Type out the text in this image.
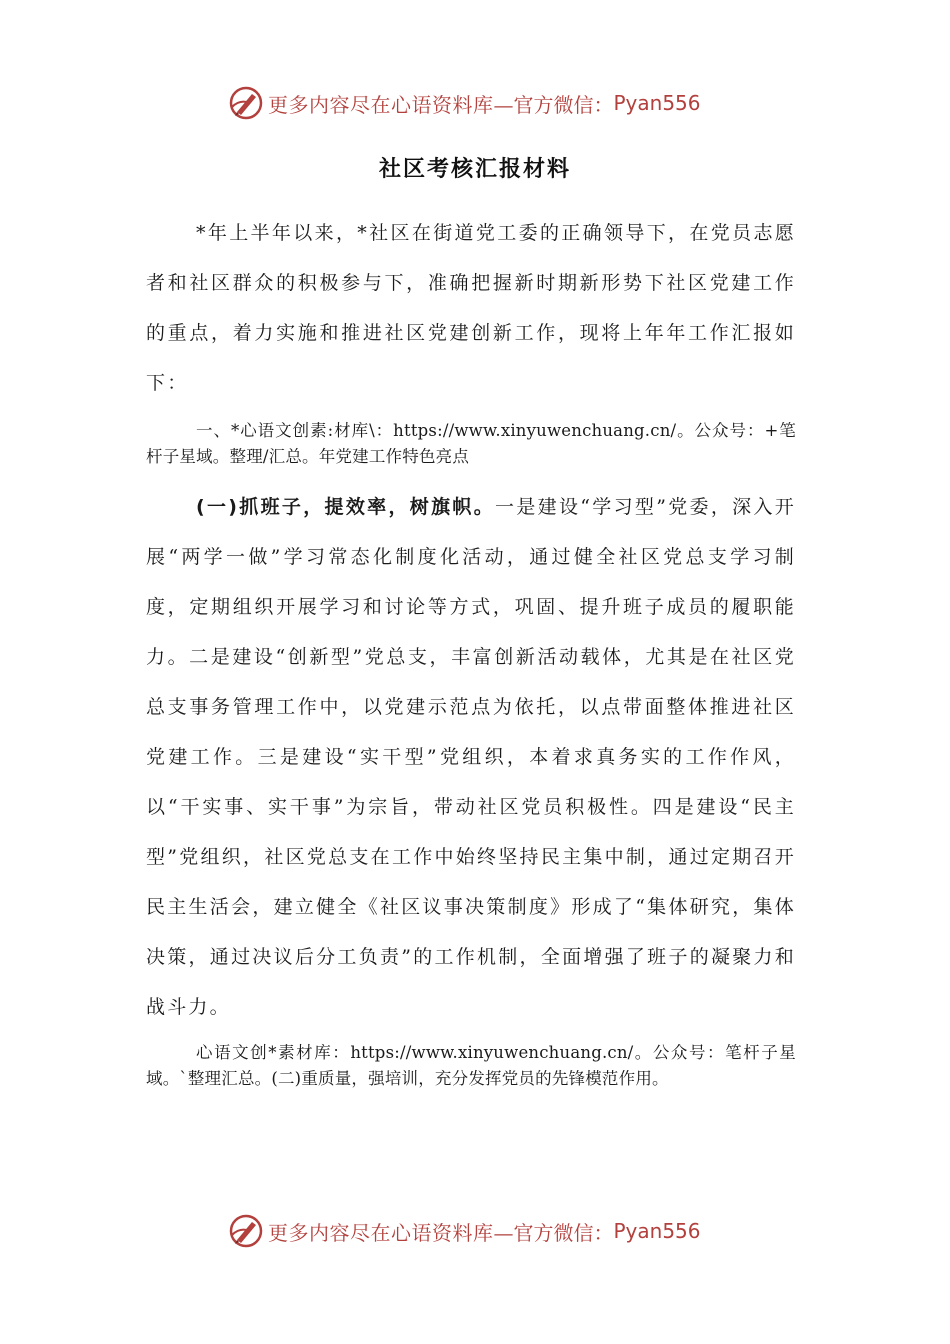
更多内容尽在心语资料库 —官方微信： Pyan556
社区考核汇报材料

*年上半年以来，*社区在街道党工委的正确领导下，在党员志愿者和社区群众的积极参与下，准确把握新时期新形势下社区党建工作的重点，着力实施和推进社区党建创新工作，现将上年年工作汇报如下：

一、*心语文创素:材库\：https://www.xinyuwenchuang.cn/。公众号：+笔杆子星域。整理/汇总。年党建工作特色亮点

(一)抓班子，提效率，树旗帜。一是建设“学习型”党委，深入开展“两学一做”学习常态化制度化活动，通过健全社区党总支学习制度，定期组织开展学习和讨论等方式，巩固、提升班子成员的履职能力。二是建设“创新型”党总支，丰富创新活动载体，尤其是在社区党总支事务管理工作中，以党建示范点为依托，以点带面整体推进社区党建工作。三是建设“实干型”党组织，本着求真务实的工作作风，以“干实事、实干事”为宗旨，带动社区党员积极性。四是建设“民主型”党组织，社区党总支在工作中始终坚持民主集中制，通过定期召开民主生活会，建立健全《社区议事决策制度》形成了“集体研究，集体决策，通过决议后分工负责”的工作机制，全面增强了班子的凝聚力和战斗力。

心语文创*素材库：https://www.xinyuwenchuang.cn/。公众号：笔杆子星域。`整理汇总。(二)重质量，强培训，充分发挥党员的先锋模范作用。

更多内容尽在心语资料库 —官方微信： Pyan556
